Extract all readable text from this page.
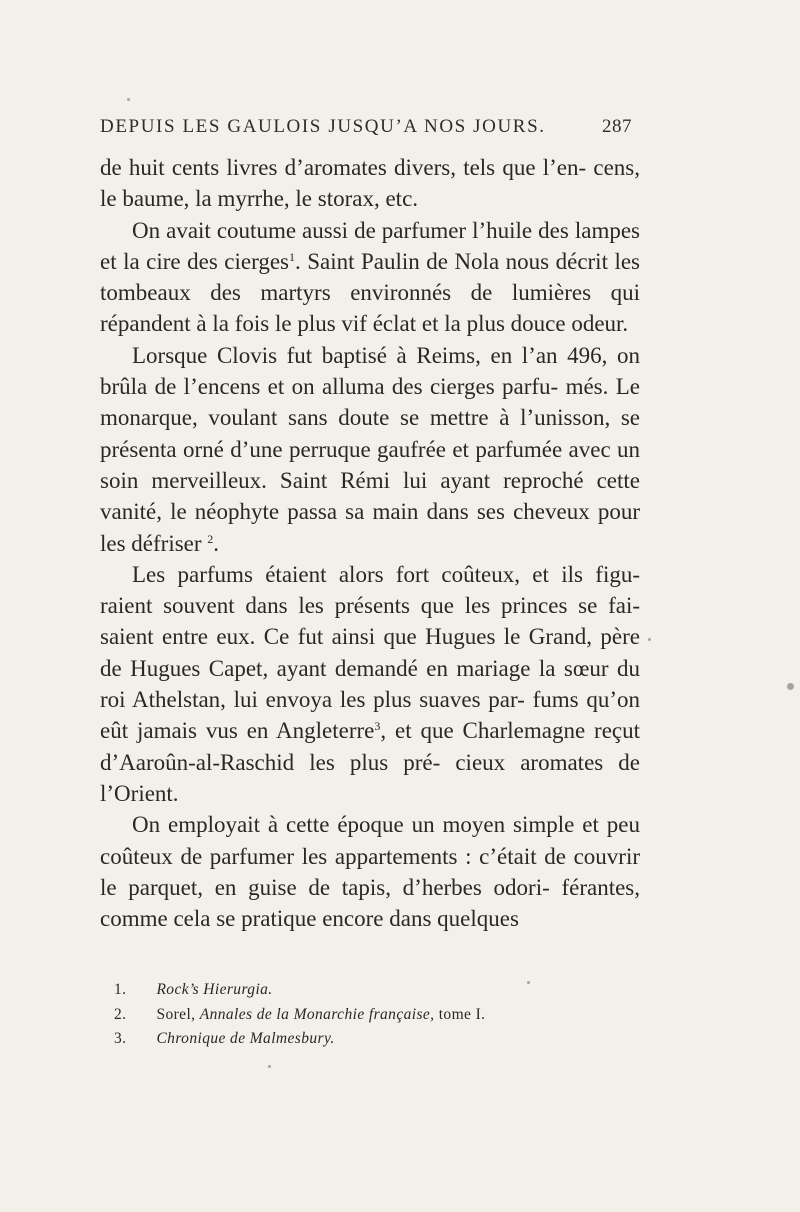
DEPUIS LES GAULOIS JUSQU’A NOS JOURS.	287

de huit cents livres d’aromates divers, tels que l’en- cens, le baume, la myrrhe, le storax, etc.

On avait coutume aussi de parfumer l’huile des lampes et la cire des cierges$^1$. Saint Paulin de Nola nous décrit les tombeaux des martyrs environnés de lumières qui répandent à la fois le plus vif éclat et la plus douce odeur.

Lorsque Clovis fut baptisé à Reims, en l’an 496, on brûla de l’encens et on alluma des cierges parfu- més. Le monarque, voulant sans doute se mettre à l’unisson, se présenta orné d’une perruque gaufrée et parfumée avec un soin merveilleux. Saint Rémi lui ayant reproché cette vanité, le néophyte passa sa main dans ses cheveux pour les défriser $^2$.

Les parfums étaient alors fort coûteux, et ils figu- raient souvent dans les présents que les princes se fai- saient entre eux. Ce fut ainsi que Hugues le Grand, père de Hugues Capet, ayant demandé en mariage la sœur du roi Athelstan, lui envoya les plus suaves par- fums qu’on eût jamais vus en Angleterre$^3$, et que Charlemagne reçut d’Aaroûn-al-Raschid les plus pré- cieux aromates de l’Orient.

On employait à cette époque un moyen simple et peu coûteux de parfumer les appartements : c’était de couvrir le parquet, en guise de tapis, d’herbes odori- férantes, comme cela se pratique encore dans quelques

1. Rock’s Hierurgia.

2. Sorel, Annales de la Monarchie française, tome I.

3. Chronique de Malmesbury.
